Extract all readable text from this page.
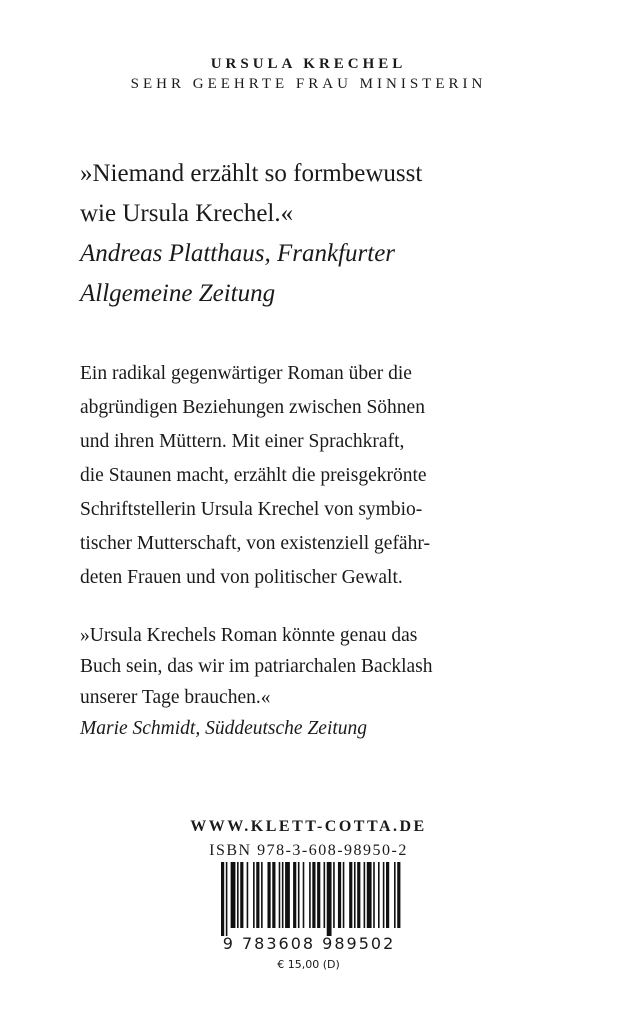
URSULA KRECHEL
SEHR GEEHRTE FRAU MINISTERIN
»Niemand erzählt so formbewusst
wie Ursula Krechel.«
Andreas Platthaus, Frankfurter
Allgemeine Zeitung
Ein radikal gegenwärtiger Roman über die
abgründigen Beziehungen zwischen Söhnen
und ihren Müttern. Mit einer Sprachkraft,
die Staunen macht, erzählt die preisgekrönte
Schriftstellerin Ursula Krechel von symbio-
tischer Mutterschaft, von existenziell gefähr-
deten Frauen und von politischer Gewalt.
»Ursula Krechels Roman könnte genau das
Buch sein, das wir im patriarchalen Backlash
unserer Tage brauchen.«
Marie Schmidt, Süddeutsche Zeitung
WWW.KLETT-COTTA.DE
ISBN 978-3-608-98950-2
9 783608 989502
€ 15,00 (D)
